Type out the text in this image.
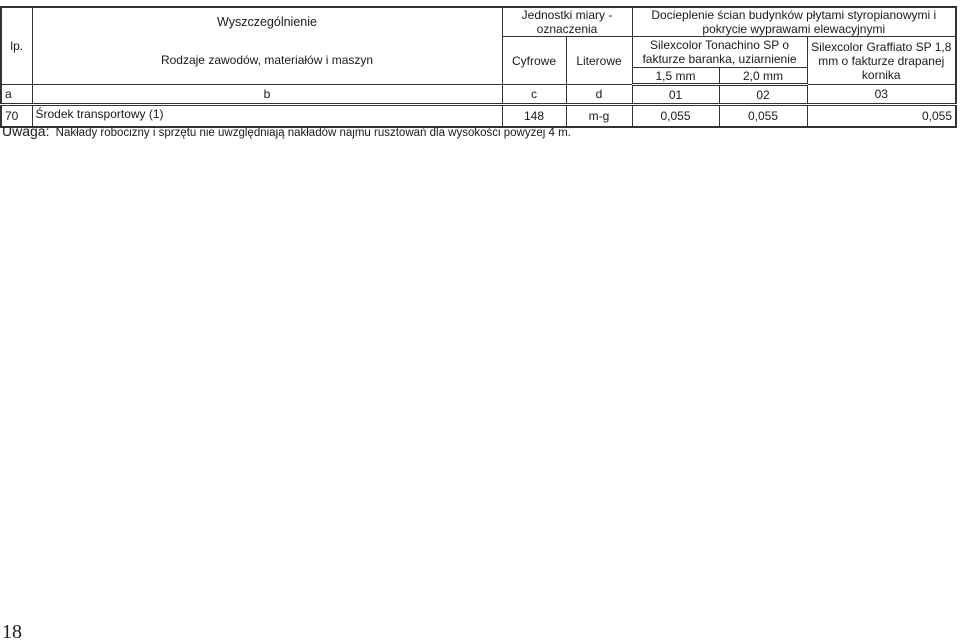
lp.	Wyszczególnienie	Jednostki miary - oznaczenia		Docieplenie ścian budynków płytami styropianowymi i pokrycie wyprawami elewacyjnymi		
	Rodzaje zawodów, materiałów i maszyn	Cyfrowe	Literowe	Silexcolor Tonachino SP o fakturze baranka, uziarnienie		Silexcolor Graffiato SP 1,8 mm o fakturze drapanej kornika
				1,5 mm	2,0 mm	
a	b	c	d	01	02	03
70	Środek transportowy (1)	148	m-g	0,055	0,055	0,055
Uwaga: Nakłady robocizny i sprzętu nie uwzględniają nakładów najmu rusztowań dla wysokości powyżej 4 m.
18
